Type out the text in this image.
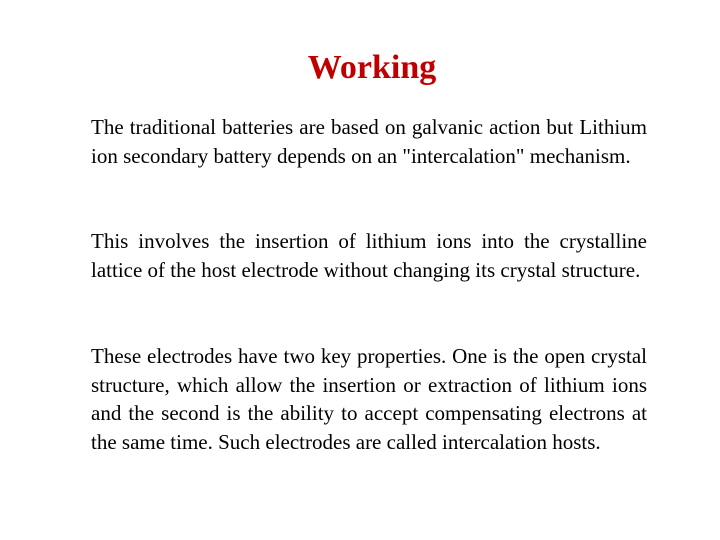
Working

The traditional batteries are based on galvanic action but Lithium ion secondary battery depends on an "intercalation" mechanism.

This involves the insertion of lithium ions into the crystalline lattice of the host electrode without changing its crystal structure.

These electrodes have two key properties. One is the open crystal structure, which allow the insertion or extraction of lithium ions and the second is the ability to accept compensating electrons at the same time. Such electrodes are called intercalation hosts.
